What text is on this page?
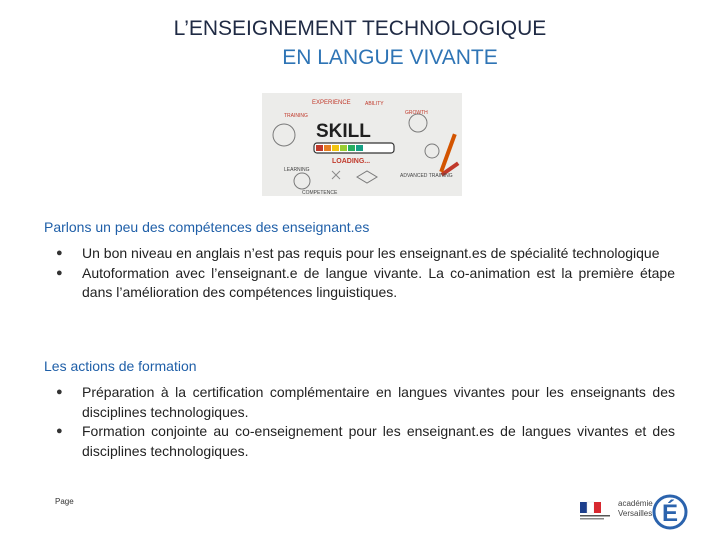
L’ENSEIGNEMENT TECHNOLOGIQUE
EN LANGUE VIVANTE
EXPERIENCE	ABILITY
GROWTH
TRAINING
LEARNING
ADVANCED TRAINING
COMPETENCE
SKILL
LOADING...
Parlons un peu des compétences des enseignant.es
● Un bon niveau en anglais n’est pas requis pour les enseignant.es de spécialité technologique
● Autoformation avec l’enseignant.e de langue vivante. La co-animation est la première étape dans l’amélioration des compétences linguistiques.
Les actions de formation
● Préparation à la certification complémentaire en langues vivantes pour les enseignants des disciplines technologiques.
● Formation conjointe au co-enseignement pour les enseignant.es de langues vivantes et des disciplines technologiques.
Page	académie
Versailles É
